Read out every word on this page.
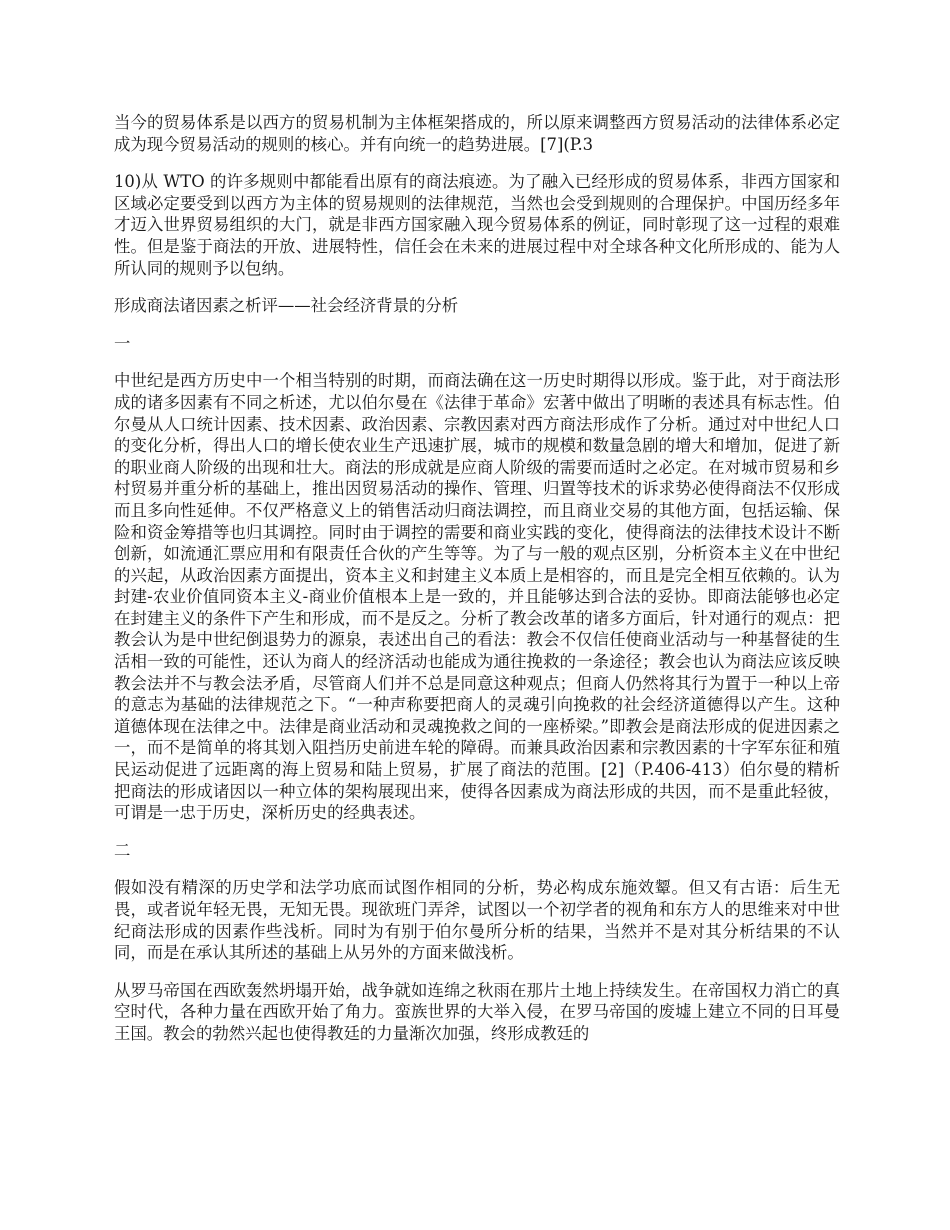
当今的贸易体系是以西方的贸易机制为主体框架搭成的，所以原来调整西方贸易活动的法律体系必定成为现今贸易活动的规则的核心。并有向统一的趋势进展。[7](P.3

10)从 WTO 的许多规则中都能看出原有的商法痕迹。为了融入已经形成的贸易体系，非西方国家和区域必定要受到以西方为主体的贸易规则的法律规范，当然也会受到规则的合理保护。中国历经多年才迈入世界贸易组织的大门，就是非西方国家融入现今贸易体系的例证，同时彰现了这一过程的艰难性。但是鉴于商法的开放、进展特性，信任会在未来的进展过程中对全球各种文化所形成的、能为人所认同的规则予以包纳。

形成商法诸因素之析评——社会经济背景的分析

一

中世纪是西方历史中一个相当特别的时期，而商法确在这一历史时期得以形成。鉴于此，对于商法形成的诸多因素有不同之析述，尤以伯尔曼在《法律于革命》宏著中做出了明晰的表述具有标志性。伯尔曼从人口统计因素、技术因素、政治因素、宗教因素对西方商法形成作了分析。通过对中世纪人口的变化分析，得出人口的增长使农业生产迅速扩展，城市的规模和数量急剧的增大和增加，促进了新的职业商人阶级的出现和壮大。商法的形成就是应商人阶级的需要而适时之必定。在对城市贸易和乡村贸易并重分析的基础上，推出因贸易活动的操作、管理、归置等技术的诉求势必使得商法不仅形成而且多向性延伸。不仅严格意义上的销售活动归商法调控，而且商业交易的其他方面，包括运输、保险和资金筹措等也归其调控。同时由于调控的需要和商业实践的变化，使得商法的法律技术设计不断创新，如流通汇票应用和有限责任合伙的产生等等。为了与一般的观点区别，分析资本主义在中世纪的兴起，从政治因素方面提出，资本主义和封建主义本质上是相容的，而且是完全相互依赖的。认为封建-农业价值同资本主义-商业价值根本上是一致的，并且能够达到合法的妥协。即商法能够也必定在封建主义的条件下产生和形成，而不是反之。分析了教会改革的诸多方面后，针对通行的观点：把教会认为是中世纪倒退势力的源泉，表述出自己的看法：教会不仅信任使商业活动与一种基督徒的生活相一致的可能性，还认为商人的经济活动也能成为通往挽救的一条途径；教会也认为商法应该反映教会法并不与教会法矛盾，尽管商人们并不总是同意这种观点；但商人仍然将其行为置于一种以上帝的意志为基础的法律规范之下。“一种声称要把商人的灵魂引向挽救的社会经济道德得以产生。这种道德体现在法律之中。法律是商业活动和灵魂挽救之间的一座桥梁。”即教会是商法形成的促进因素之一，而不是简单的将其划入阻挡历史前进车轮的障碍。而兼具政治因素和宗教因素的十字军东征和殖民运动促进了远距离的海上贸易和陆上贸易，扩展了商法的范围。[2]（P.406-413）伯尔曼的精析把商法的形成诸因以一种立体的架构展现出来，使得各因素成为商法形成的共因，而不是重此轻彼，可谓是一忠于历史，深析历史的经典表述。

二

假如没有精深的历史学和法学功底而试图作相同的分析，势必构成东施效颦。但又有古语：后生无畏，或者说年轻无畏，无知无畏。现欲班门弄斧，试图以一个初学者的视角和东方人的思维来对中世纪商法形成的因素作些浅析。同时为有别于伯尔曼所分析的结果，当然并不是对其分析结果的不认同，而是在承认其所述的基础上从另外的方面来做浅析。

从罗马帝国在西欧轰然坍塌开始，战争就如连绵之秋雨在那片土地上持续发生。在帝国权力消亡的真空时代，各种力量在西欧开始了角力。蛮族世界的大举入侵，在罗马帝国的废墟上建立不同的日耳曼王国。教会的勃然兴起也使得教廷的力量渐次加强，终形成教廷的
